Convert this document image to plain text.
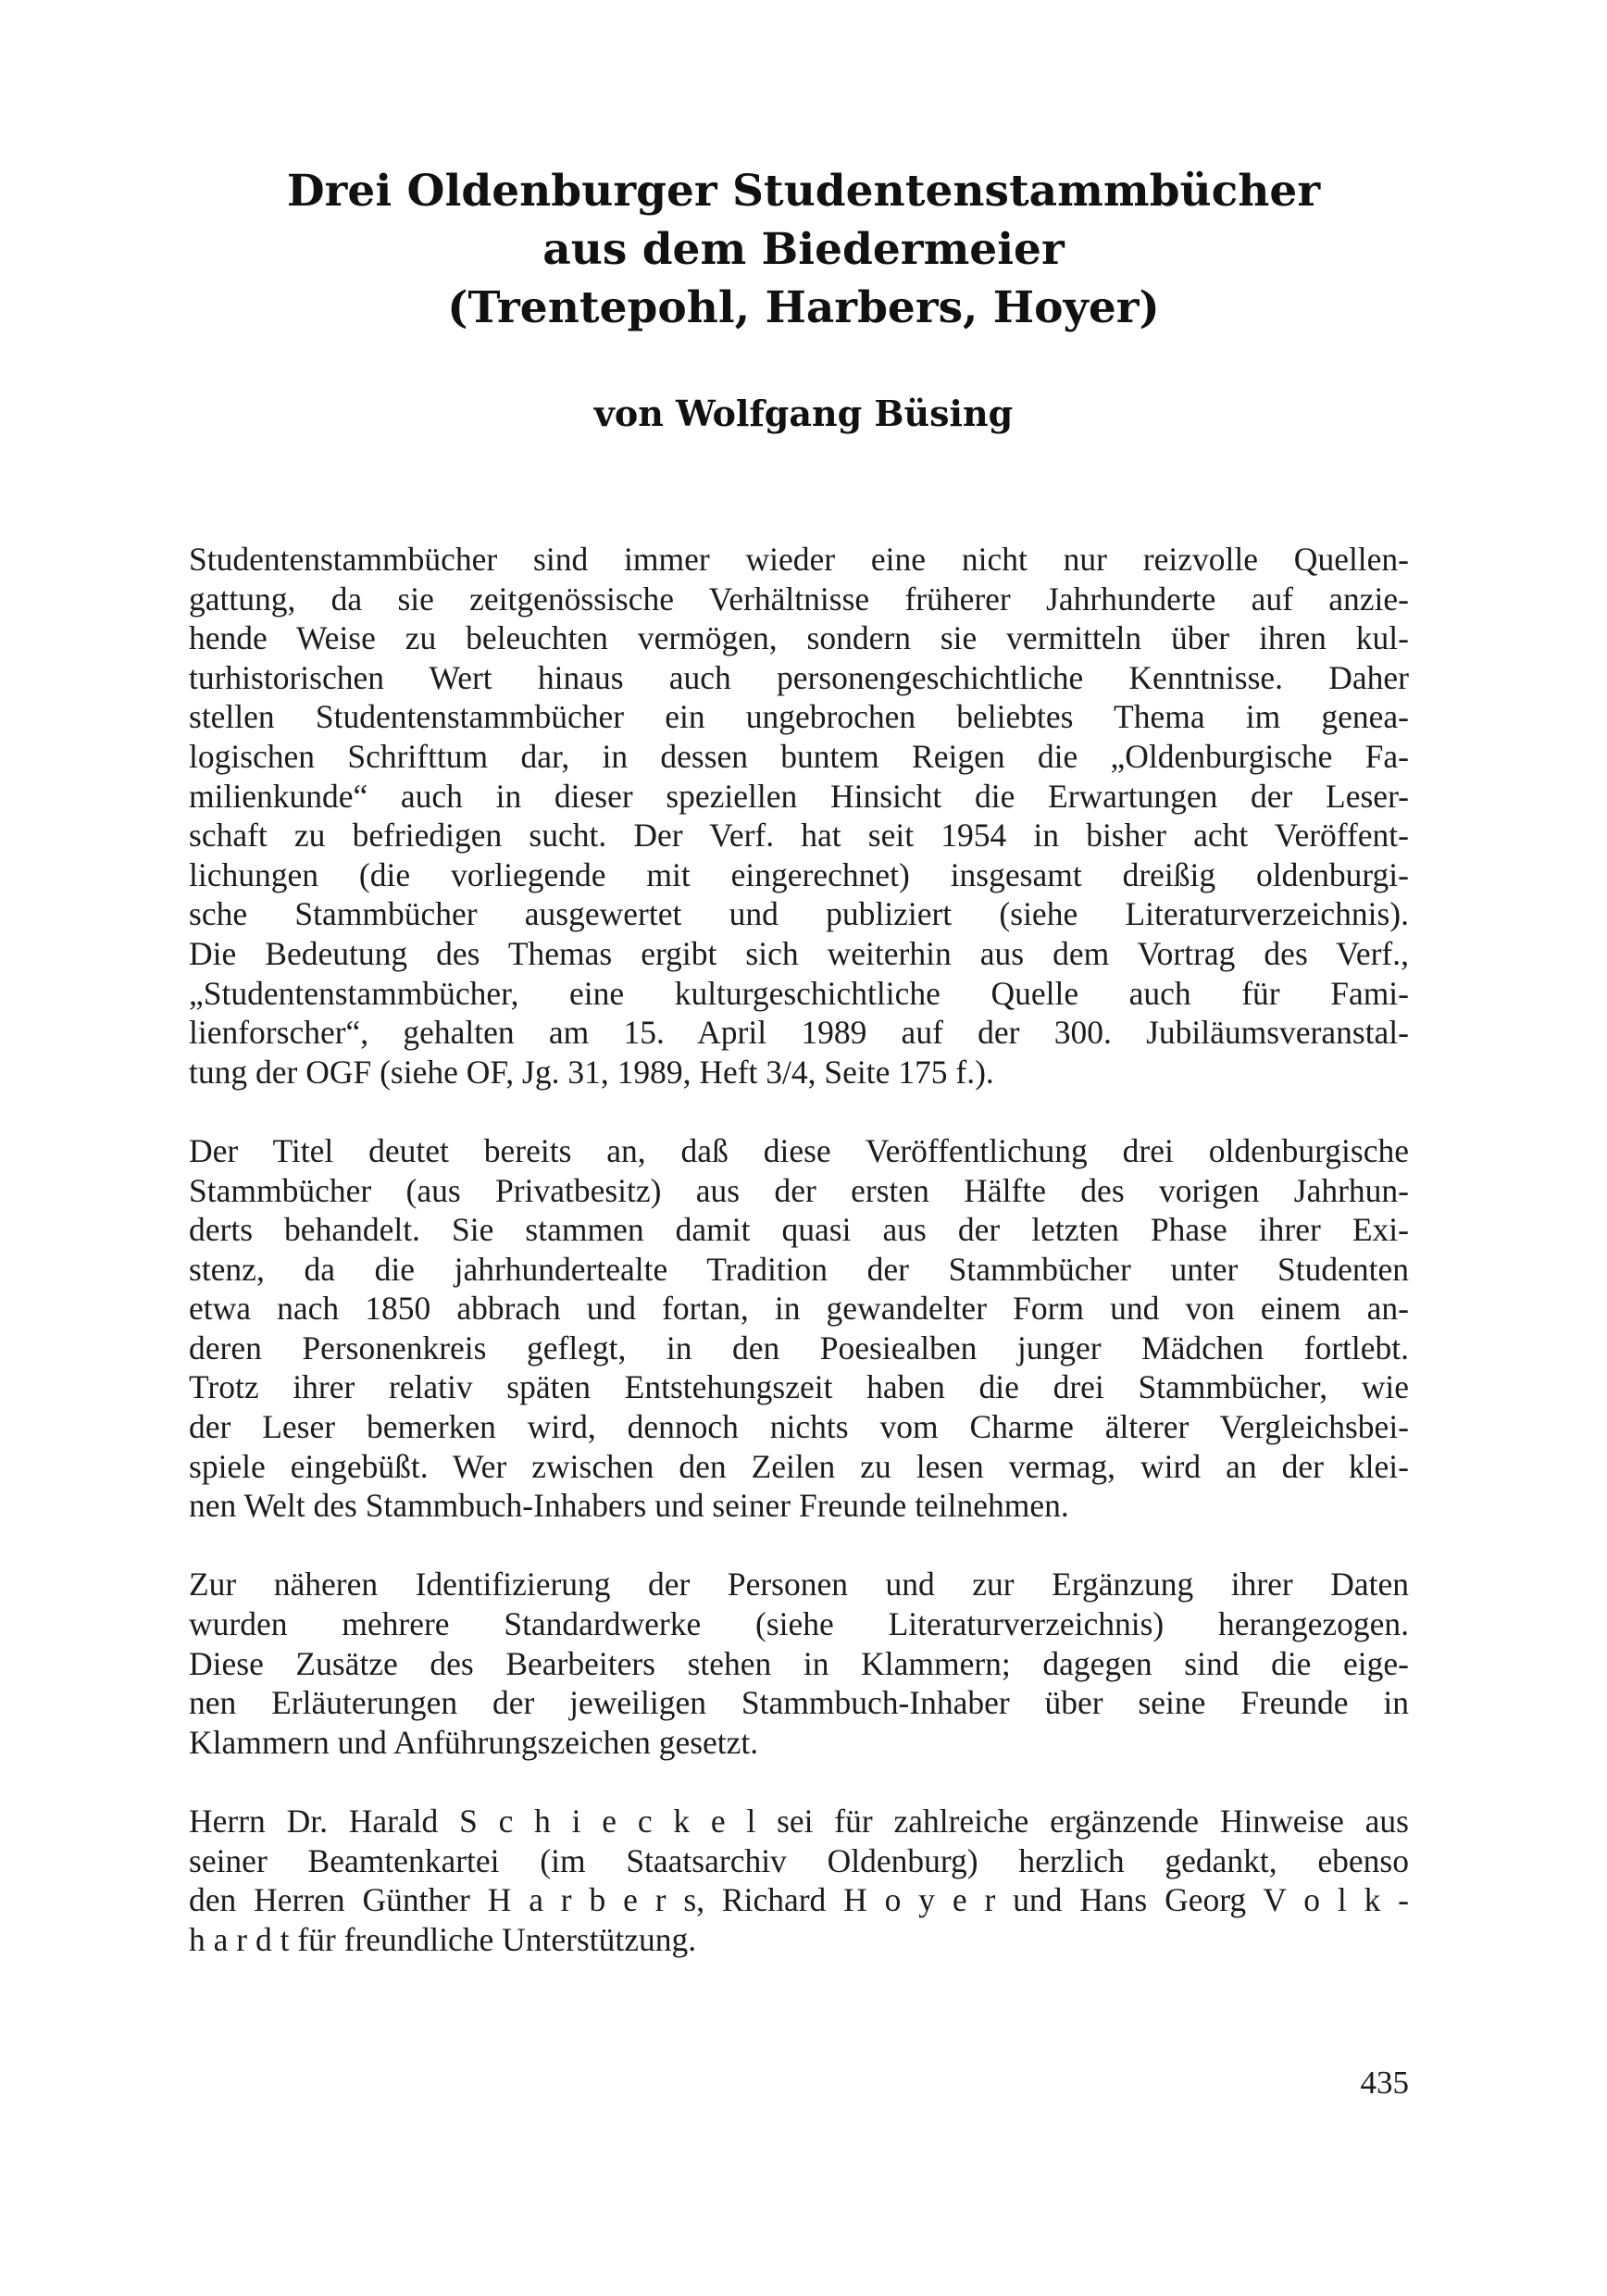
Drei Oldenburger Studentenstammbücher
aus dem Biedermeier
(Trentepohl, Harbers, Hoyer)
von Wolfgang Büsing
Studentenstammbücher sind immer wieder eine nicht nur reizvolle Quellen-
gattung, da sie zeitgenössische Verhältnisse früherer Jahrhunderte auf anzie-
hende Weise zu beleuchten vermögen, sondern sie vermitteln über ihren kul-
turhistorischen Wert hinaus auch personengeschichtliche Kenntnisse. Daher
stellen Studentenstammbücher ein ungebrochen beliebtes Thema im genea-
logischen Schrifttum dar, in dessen buntem Reigen die „Oldenburgische Fa-
milienkunde“ auch in dieser speziellen Hinsicht die Erwartungen der Leser-
schaft zu befriedigen sucht. Der Verf. hat seit 1954 in bisher acht Veröffent-
lichungen (die vorliegende mit eingerechnet) insgesamt dreißig oldenburgi-
sche Stammbücher ausgewertet und publiziert (siehe Literaturverzeichnis).
Die Bedeutung des Themas ergibt sich weiterhin aus dem Vortrag des Verf.,
„Studentenstammbücher, eine kulturgeschichtliche Quelle auch für Fami-
lienforscher“, gehalten am 15. April 1989 auf der 300. Jubiläumsveranstal-
tung der OGF (siehe OF, Jg. 31, 1989, Heft 3/4, Seite 175 f.).
Der Titel deutet bereits an, daß diese Veröffentlichung drei oldenburgische
Stammbücher (aus Privatbesitz) aus der ersten Hälfte des vorigen Jahrhun-
derts behandelt. Sie stammen damit quasi aus der letzten Phase ihrer Exi-
stenz, da die jahrhundertealte Tradition der Stammbücher unter Studenten
etwa nach 1850 abbrach und fortan, in gewandelter Form und von einem an-
deren Personenkreis geflegt, in den Poesiealben junger Mädchen fortlebt.
Trotz ihrer relativ späten Entstehungszeit haben die drei Stammbücher, wie
der Leser bemerken wird, dennoch nichts vom Charme älterer Vergleichsbei-
spiele eingebüßt. Wer zwischen den Zeilen zu lesen vermag, wird an der klei-
nen Welt des Stammbuch-Inhabers und seiner Freunde teilnehmen.
Zur näheren Identifizierung der Personen und zur Ergänzung ihrer Daten
wurden mehrere Standardwerke (siehe Literaturverzeichnis) herangezogen.
Diese Zusätze des Bearbeiters stehen in Klammern; dagegen sind die eige-
nen Erläuterungen der jeweiligen Stammbuch-Inhaber über seine Freunde in
Klammern und Anführungszeichen gesetzt.
Herrn Dr. Harald S c h i e c k e l sei für zahlreiche ergänzende Hinweise aus
seiner Beamtenkartei (im Staatsarchiv Oldenburg) herzlich gedankt, ebenso
den Herren Günther H a r b e r s, Richard H o y e r und Hans Georg V o l k -
h a r d t für freundliche Unterstützung.
435
